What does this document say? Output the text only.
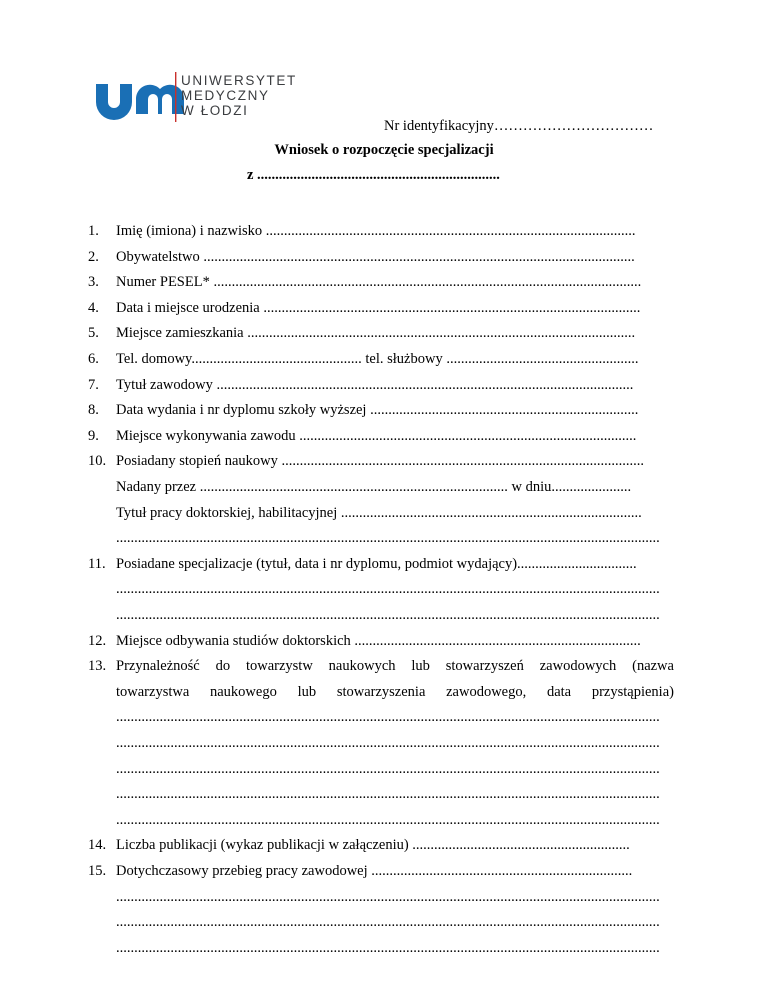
UNIWERSYTET
MEDYCZNY
W ŁODZI
Nr identyfikacyjny……………………………
Wniosek o rozpoczęcie specjalizacji
z ...................................................................
1. Imię (imiona) i nazwisko ......................................................................................................
2. Obywatelstwo .......................................................................................................................
3. Numer PESEL* ......................................................................................................................
4. Data i miejsce urodzenia ........................................................................................................
5. Miejsce zamieszkania ...........................................................................................................
6. Tel. domowy............................................... tel. służbowy .....................................................
7. Tytuł zawodowy ...................................................................................................................
8. Data wydania i nr dyplomu szkoły wyższej ..........................................................................
9. Miejsce wykonywania zawodu .............................................................................................
10. Posiadany stopień naukowy ....................................................................................................
Nadany przez ..................................................................................... w dniu......................
Tytuł pracy doktorskiej, habilitacyjnej ...................................................................................
......................................................................................................................................................
11. Posiadane specjalizacje (tytuł, data i nr dyplomu, podmiot wydający).................................
......................................................................................................................................................
......................................................................................................................................................
12. Miejsce odbywania studiów doktorskich ...............................................................................
13. Przynależność do towarzystw naukowych lub stowarzyszeń zawodowych (nazwa
towarzystwa naukowego lub stowarzyszenia zawodowego, data przystąpienia)
......................................................................................................................................................
......................................................................................................................................................
......................................................................................................................................................
......................................................................................................................................................
......................................................................................................................................................
14. Liczba publikacji (wykaz publikacji w załączeniu) ............................................................
15. Dotychczasowy przebieg pracy zawodowej ........................................................................
......................................................................................................................................................
......................................................................................................................................................
......................................................................................................................................................
